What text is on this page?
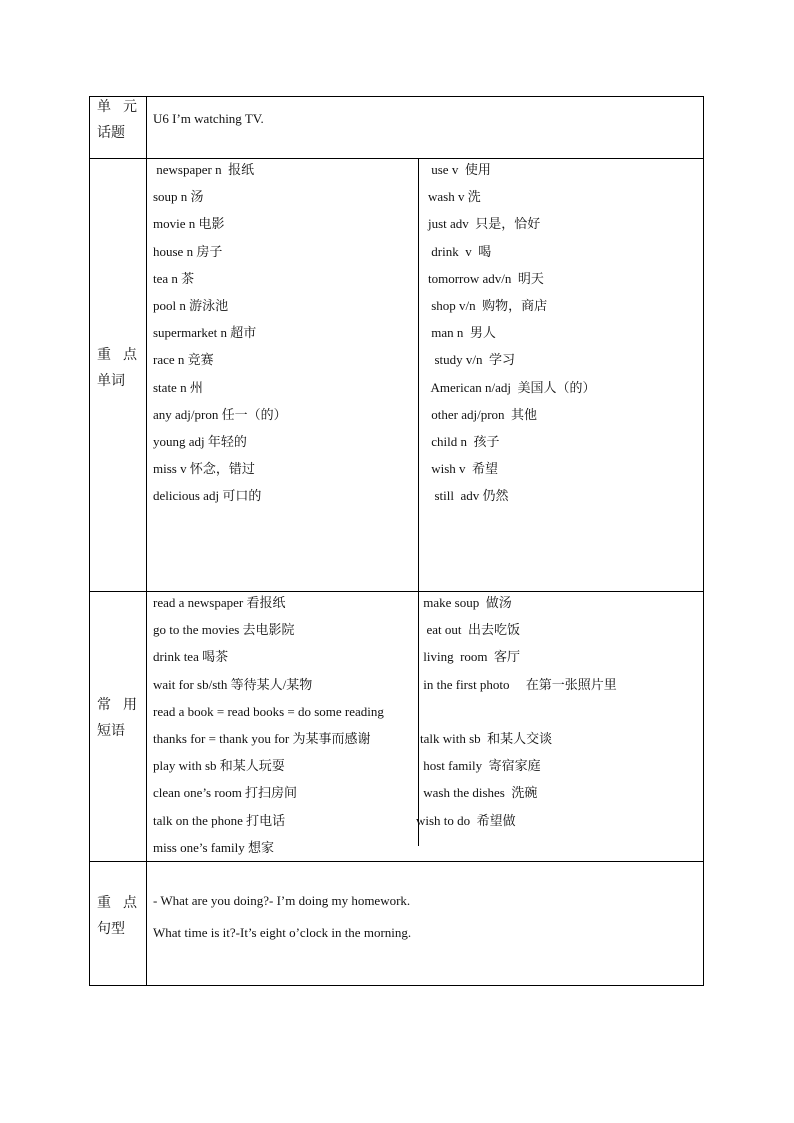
单 元
话题
U6 I’m watching TV.
重 点
单词
newspaper n  报纸
soup n 汤
movie n 电影
house n 房子
tea n 茶
pool n 游泳池
supermarket n 超市
race n 竞赛
state n 州
any adj/pron 任一（的）
young adj 年轻的
miss v 怀念，错过
delicious adj 可口的
use v  使用
wash v 洗
just adv  只是，恰好
drink  v  喝
tomorrow adv/n  明天
shop v/n  购物，商店
man n  男人
study v/n  学习
American n/adj  美国人（的）
other adj/pron  其他
child n  孩子
wish v  希望
still  adv 仍然
常 用
短语
read a newspaper 看报纸
go to the movies 去电影院
drink tea 喝茶
wait for sb/sth 等待某人/某物
read a book = read books = do some reading
thanks for = thank you for 为某事而感谢
play with sb 和某人玩耍
clean one’s room 打扫房间
talk on the phone 打电话
miss one’s family 想家
make soup  做汤
eat out  出去吃饭
living  room  客厅
in the first photo     在第一张照片里
talk with sb  和某人交谈
host family  寄宿家庭
wash the dishes  洗碗
wish to do  希望做
重 点
句型
- What are you doing?- I’m doing my homework.
What time is it?-It’s eight o’clock in the morning.
